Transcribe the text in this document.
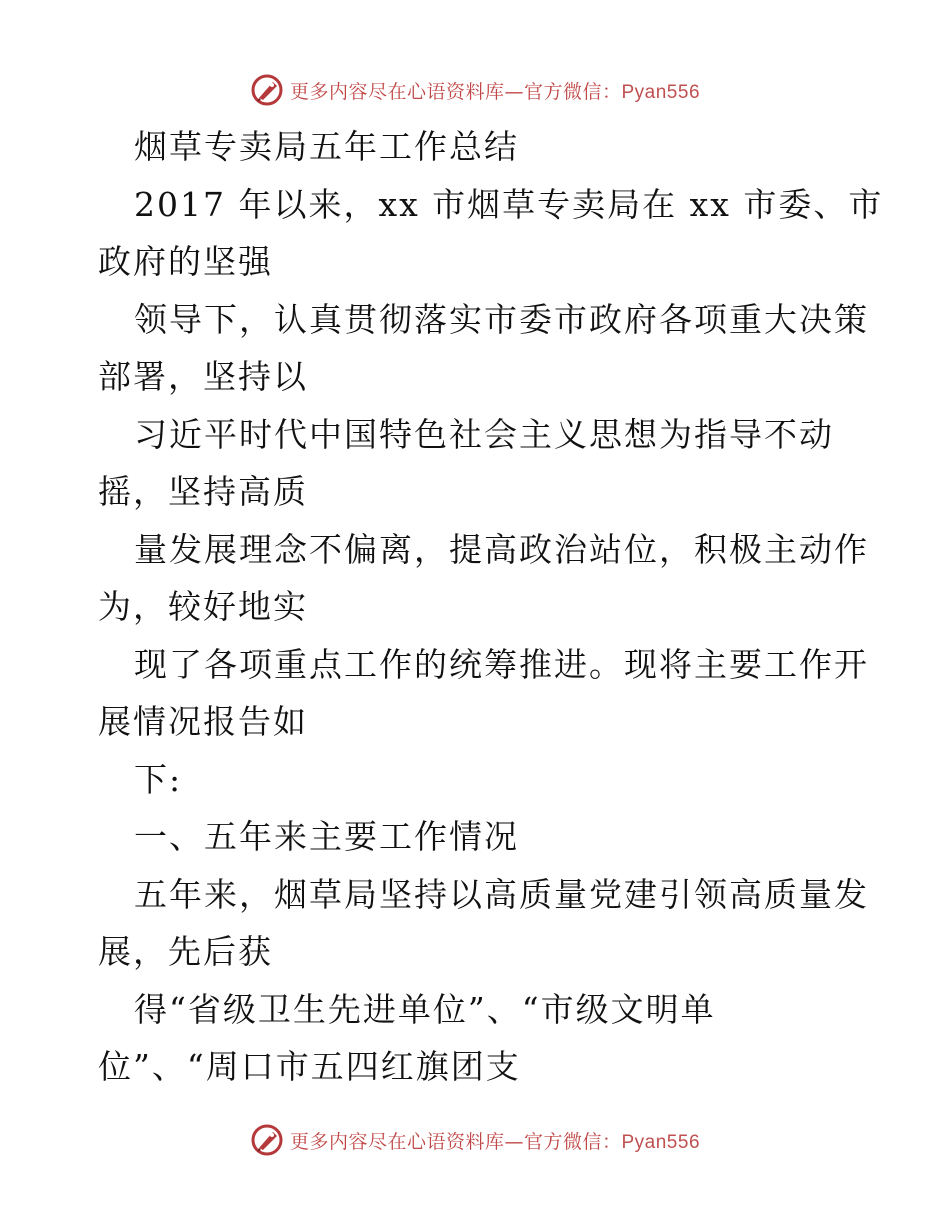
更多内容尽在心语资料库—官方微信：Pyan556
烟草专卖局五年工作总结
2017 年以来，xx 市烟草专卖局在 xx 市委、市
政府的坚强
领导下，认真贯彻落实市委市政府各项重大决策
部署，坚持以
习近平时代中国特色社会主义思想为指导不动
摇，坚持高质
量发展理念不偏离，提高政治站位，积极主动作
为，较好地实
现了各项重点工作的统筹推进。现将主要工作开
展情况报告如
下:
一、五年来主要工作情况
五年来，烟草局坚持以高质量党建引领高质量发
展，先后获
得“省级卫生先进单位”、“市级文明单
位”、“周口市五四红旗团支
更多内容尽在心语资料库—官方微信：Pyan556
